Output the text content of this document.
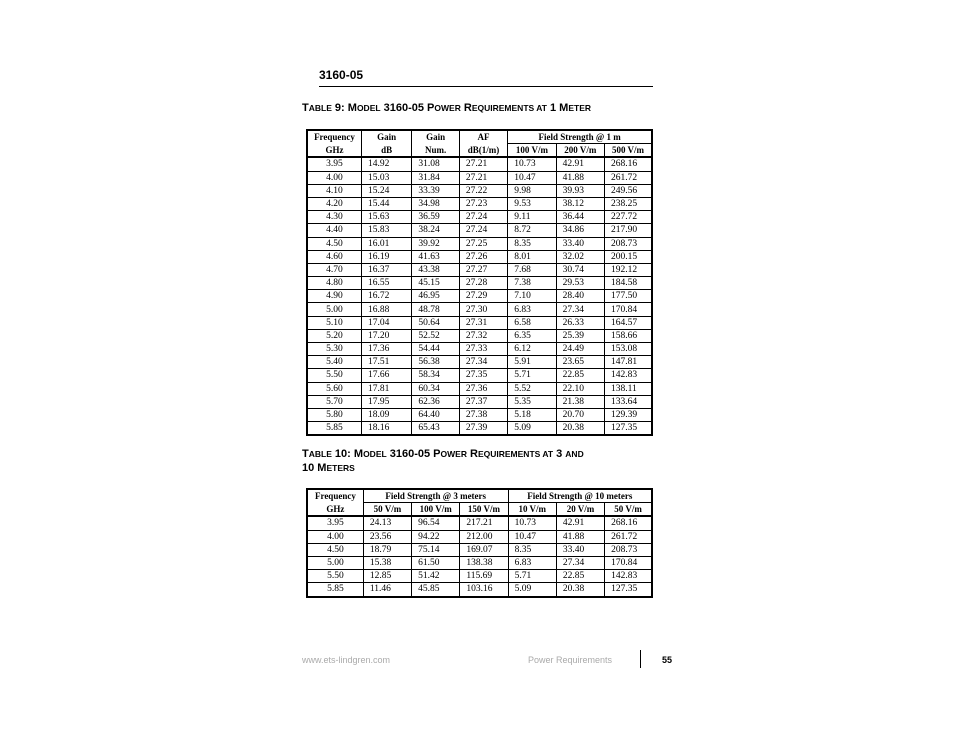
3160-05
TABLE 9: MODEL 3160-05 POWER REQUIREMENTS AT 1 METER
Frequency	Gain	Gain	AF	Field Strength @ 1 m		
GHz	dB	Num.	dB(1/m)	100 V/m	200 V/m	500 V/m
3.95	14.92	31.08	27.21	10.73	42.91	268.16
4.00	15.03	31.84	27.21	10.47	41.88	261.72
4.10	15.24	33.39	27.22	9.98	39.93	249.56
4.20	15.44	34.98	27.23	9.53	38.12	238.25
4.30	15.63	36.59	27.24	9.11	36.44	227.72
4.40	15.83	38.24	27.24	8.72	34.86	217.90
4.50	16.01	39.92	27.25	8.35	33.40	208.73
4.60	16.19	41.63	27.26	8.01	32.02	200.15
4.70	16.37	43.38	27.27	7.68	30.74	192.12
4.80	16.55	45.15	27.28	7.38	29.53	184.58
4.90	16.72	46.95	27.29	7.10	28.40	177.50
5.00	16.88	48.78	27.30	6.83	27.34	170.84
5.10	17.04	50.64	27.31	6.58	26.33	164.57
5.20	17.20	52.52	27.32	6.35	25.39	158.66
5.30	17.36	54.44	27.33	6.12	24.49	153.08
5.40	17.51	56.38	27.34	5.91	23.65	147.81
5.50	17.66	58.34	27.35	5.71	22.85	142.83
5.60	17.81	60.34	27.36	5.52	22.10	138.11
5.70	17.95	62.36	27.37	5.35	21.38	133.64
5.80	18.09	64.40	27.38	5.18	20.70	129.39
5.85	18.16	65.43	27.39	5.09	20.38	127.35
TABLE 10: MODEL 3160-05 POWER REQUIREMENTS AT 3 AND
10 METERS
Frequency	Field Strength @ 3 meters			Field Strength @ 10 meters		
GHz	50 V/m	100 V/m	150 V/m	10 V/m	20 V/m	50 V/m
3.95	24.13	96.54	217.21	10.73	42.91	268.16
4.00	23.56	94.22	212.00	10.47	41.88	261.72
4.50	18.79	75.14	169.07	8.35	33.40	208.73
5.00	15.38	61.50	138.38	6.83	27.34	170.84
5.50	12.85	51.42	115.69	5.71	22.85	142.83
5.85	11.46	45.85	103.16	5.09	20.38	127.35
www.ets-lindgren.com	Power Requirements	55
